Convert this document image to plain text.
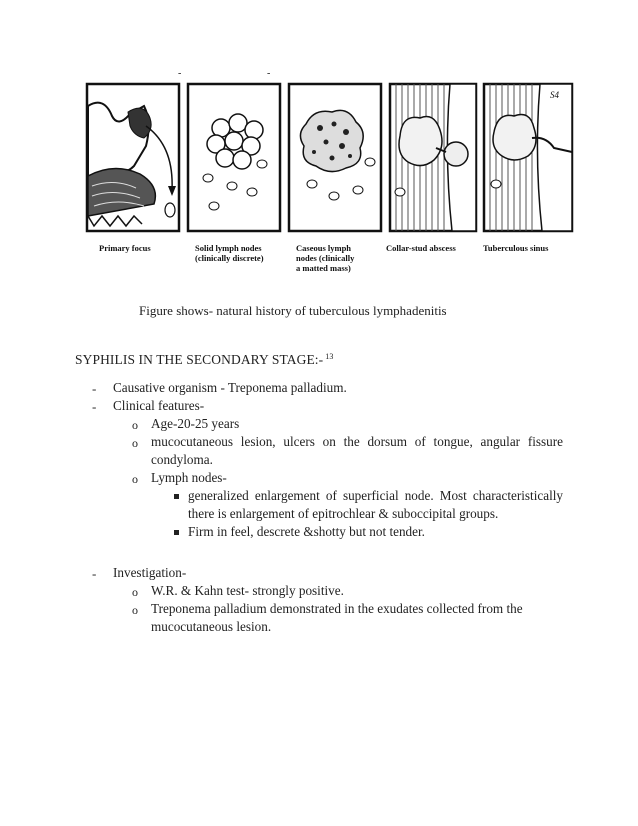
-	-
S4
Primary focus	Solid lymph nodes
(clinically discrete)
Caseous lymph
nodes (clinically
a matted mass)
Collar-stud abscess	Tuberculous sinus
Figure shows- natural history of tuberculous lymphadenitis
SYPHILIS IN THE SECONDARY STAGE:- $^{13}$
- Causative organism - Treponema palladium.
- Clinical features-
o Age-20-25 years
o mucocutaneous lesion, ulcers on the dorsum of tongue, angular fissure
condyloma.
o Lymph nodes-
generalized enlargement of superficial node. Most characteristically
there is enlargement of epitrochlear & suboccipital groups.
Firm in feel, descrete &shotty but not tender.
- Investigation-
o W.R. & Kahn test- strongly positive.
o Treponema palladium demonstrated in the exudates collected from the
mucocutaneous lesion.
